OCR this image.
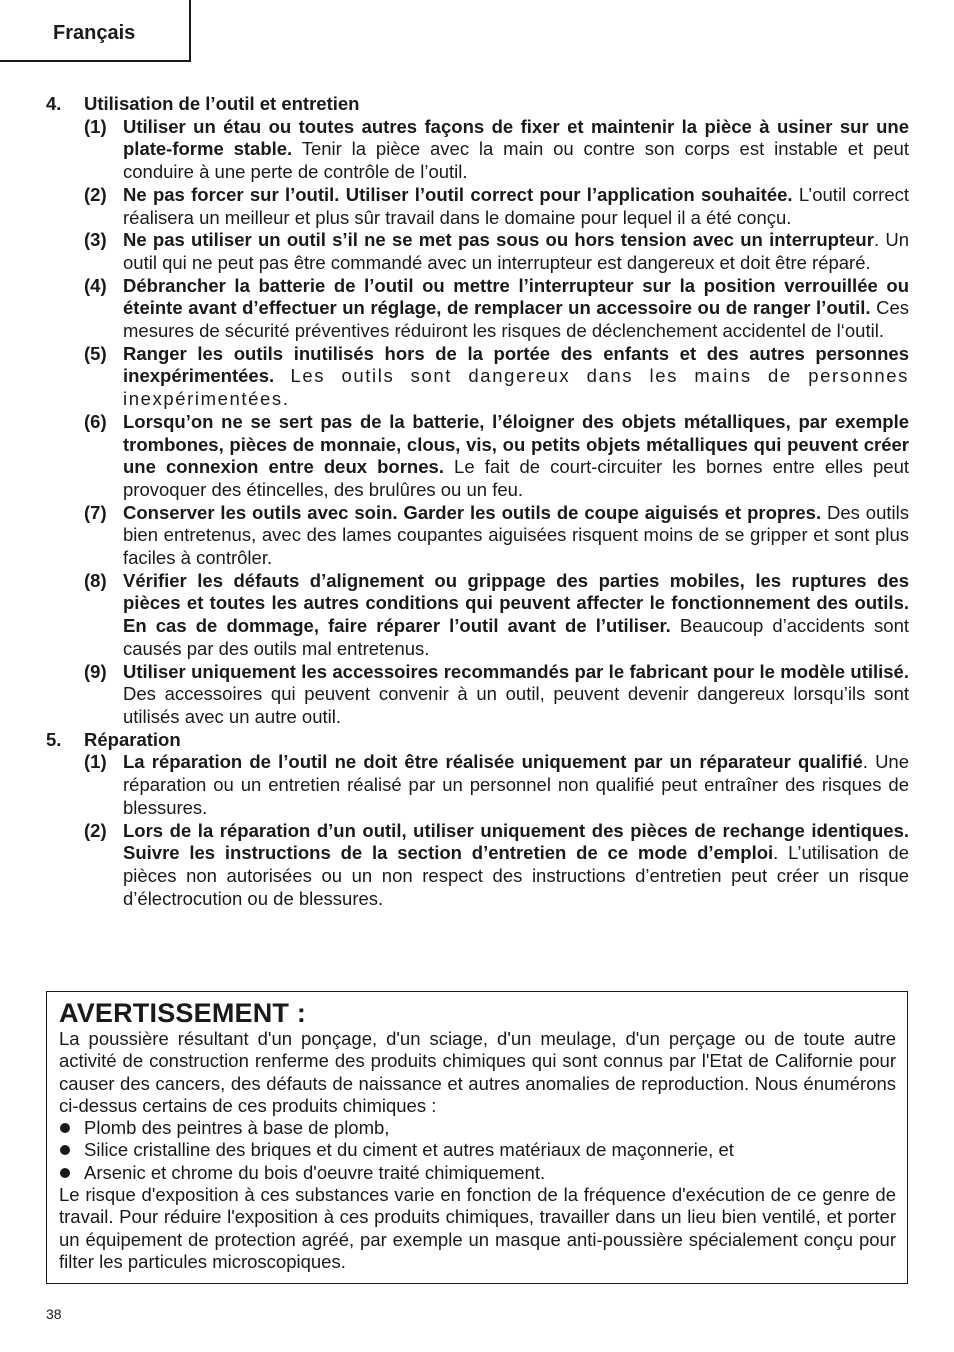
Français
4.	Utilisation de l’outil et entretien
(1) Utiliser un étau ou toutes autres façons de fixer et maintenir la pièce à usiner sur une plate-forme stable. Tenir la pièce avec la main ou contre son corps est instable et peut conduire à une perte de contrôle de l’outil.
(2) Ne pas forcer sur l’outil. Utiliser l’outil correct pour l’application souhaitée. L’outil correct réalisera un meilleur et plus sûr travail dans le domaine pour lequel il a été conçu.
(3) Ne pas utiliser un outil s’il ne se met pas sous ou hors tension avec un interrupteur. Un outil qui ne peut pas être commandé avec un interrupteur est dangereux et doit être réparé.
(4) Débrancher la batterie de l’outil ou mettre l’interrupteur sur la position verrouillée ou éteinte avant d’effectuer un réglage, de remplacer un accessoire ou de ranger l’outil. Ces mesures de sécurité préventives réduiront les risques de déclenchement accidentel de l‘outil.
(5) Ranger les outils inutilisés hors de la portée des enfants et des autres personnes inexpérimentées. Les outils sont dangereux dans les mains de personnes inexpérimentées.
(6) Lorsqu’on ne se sert pas de la batterie, l’éloigner des objets métalliques, par exemple trombones, pièces de monnaie, clous, vis, ou petits objets métalliques qui peuvent créer une connexion entre deux bornes. Le fait de court-circuiter les bornes entre elles peut provoquer des étincelles, des brulûres ou un feu.
(7) Conserver les outils avec soin. Garder les outils de coupe aiguisés et propres. Des outils bien entretenus, avec des lames coupantes aiguisées risquent moins de se gripper et sont plus faciles à contrôler.
(8) Vérifier les défauts d’alignement ou grippage des parties mobiles, les ruptures des pièces et toutes les autres conditions qui peuvent affecter le fonctionnement des outils. En cas de dommage, faire réparer l’outil avant de l’utiliser. Beaucoup d’accidents sont causés par des outils mal entretenus.
(9) Utiliser uniquement les accessoires recommandés par le fabricant pour le modèle utilisé. Des accessoires qui peuvent convenir à un outil, peuvent devenir dangereux lorsqu’ils sont utilisés avec un autre outil.
5.	Réparation
(1) La réparation de l’outil ne doit être réalisée uniquement par un réparateur qualifié. Une réparation ou un entretien réalisé par un personnel non qualifié peut entraîner des risques de blessures.
(2) Lors de la réparation d’un outil, utiliser uniquement des pièces de rechange identiques. Suivre les instructions de la section d’entretien de ce mode d’emploi. L’utilisation de pièces non autorisées ou un non respect des instructions d’entretien peut créer un risque d’électrocution ou de blessures.
AVERTISSEMENT :

La poussière résultant d'un ponçage, d'un sciage, d'un meulage, d'un perçage ou de toute autre activité de construction renferme des produits chimiques qui sont connus par l'Etat de Californie pour causer des cancers, des défauts de naissance et autres anomalies de reproduction. Nous énumérons ci-dessus certains de ces produits chimiques :

Plomb des peintres à base de plomb,
Silice cristalline des briques et du ciment et autres matériaux de maçonnerie, et
Arsenic et chrome du bois d'oeuvre traité chimiquement.

Le risque d'exposition à ces substances varie en fonction de la fréquence d'exécution de ce genre de travail. Pour réduire l'exposition à ces produits chimiques, travailler dans un lieu bien ventilé, et porter un équipement de protection agréé, par exemple un masque anti-poussière spécialement conçu pour filter les particules microscopiques.

38
